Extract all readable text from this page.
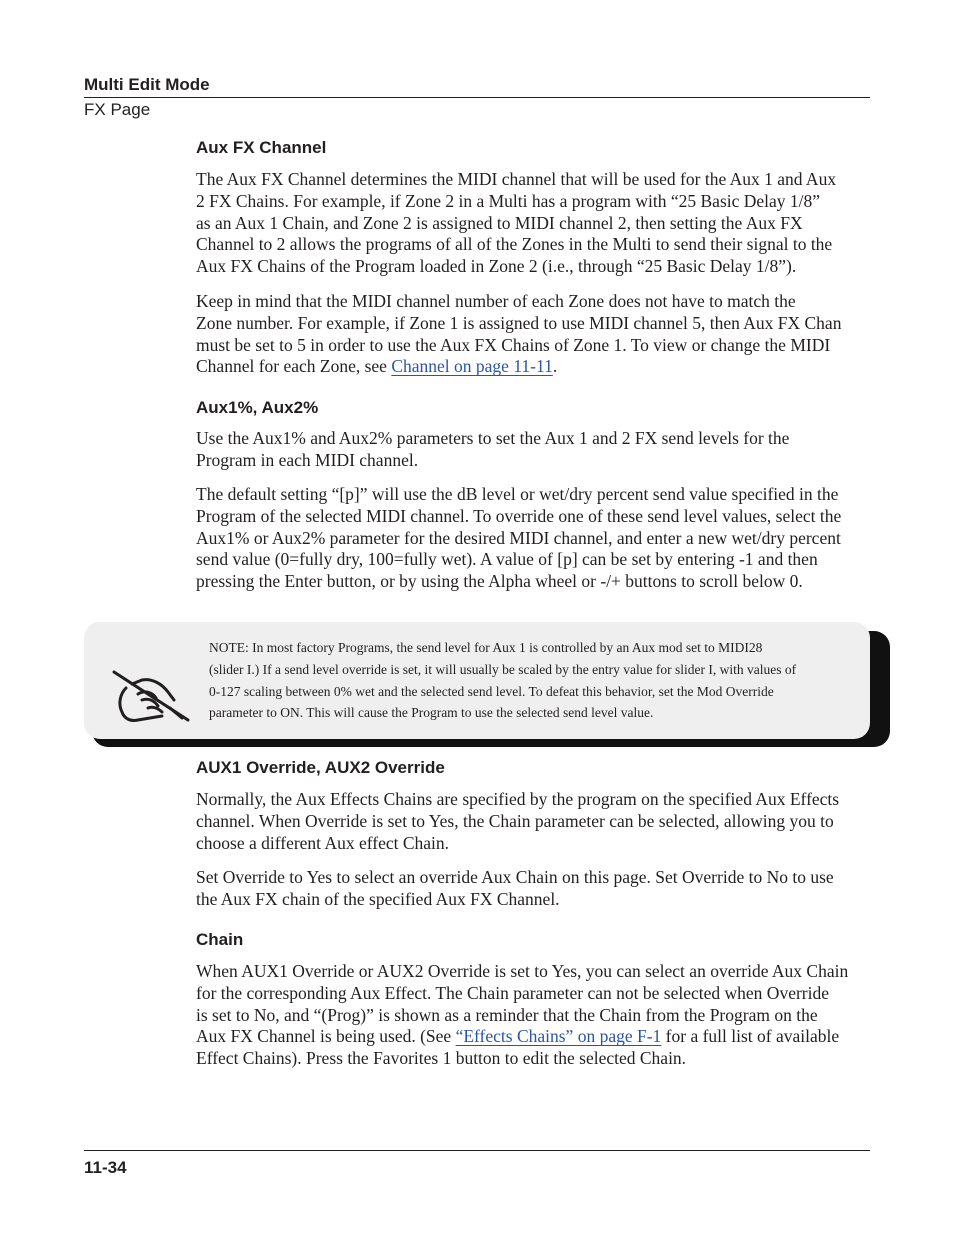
Multi Edit Mode
FX Page
Aux FX Channel

The Aux FX Channel determines the MIDI channel that will be used for the Aux 1 and Aux
2 FX Chains. For example, if Zone 2 in a Multi has a program with “25 Basic Delay 1/8”
as an Aux 1 Chain, and Zone 2 is assigned to MIDI channel 2, then setting the Aux FX
Channel to 2 allows the programs of all of the Zones in the Multi to send their signal to the
Aux FX Chains of the Program loaded in Zone 2 (i.e., through “25 Basic Delay 1/8”).

Keep in mind that the MIDI channel number of each Zone does not have to match the
Zone number. For example, if Zone 1 is assigned to use MIDI channel 5, then Aux FX Chan
must be set to 5 in order to use the Aux FX Chains of Zone 1. To view or change the MIDI
Channel for each Zone, see Channel on page 11-11.

Aux1%, Aux2%

Use the Aux1% and Aux2% parameters to set the Aux 1 and 2 FX send levels for the
Program in each MIDI channel.

The default setting “[p]” will use the dB level or wet/dry percent send value specified in the
Program of the selected MIDI channel. To override one of these send level values, select the
Aux1% or Aux2% parameter for the desired MIDI channel, and enter a new wet/dry percent
send value (0=fully dry, 100=fully wet). A value of [p] can be set by entering -1 and then
pressing the Enter button, or by using the Alpha wheel or -/+ buttons to scroll below 0.

AUX1 Override, AUX2 Override

Normally, the Aux Effects Chains are specified by the program on the specified Aux Effects
channel. When Override is set to Yes, the Chain parameter can be selected, allowing you to
choose a different Aux effect Chain.

Set Override to Yes to select an override Aux Chain on this page. Set Override to No to use
the Aux FX chain of the specified Aux FX Channel.

Chain

When AUX1 Override or AUX2 Override is set to Yes, you can select an override Aux Chain
for the corresponding Aux Effect. The Chain parameter can not be selected when Override
is set to No, and “(Prog)” is shown as a reminder that the Chain from the Program on the
Aux FX Channel is being used. (See “Effects Chains” on page F-1 for a full list of available
Effect Chains). Press the Favorites 1 button to edit the selected Chain.

NOTE: In most factory Programs, the send level for Aux 1 is controlled by an Aux mod set to MIDI28
(slider I.) If a send level override is set, it will usually be scaled by the entry value for slider I, with values of
0-127 scaling between 0% wet and the selected send level. To defeat this behavior, set the Mod Override
parameter to ON. This will cause the Program to use the selected send level value.
11-34
